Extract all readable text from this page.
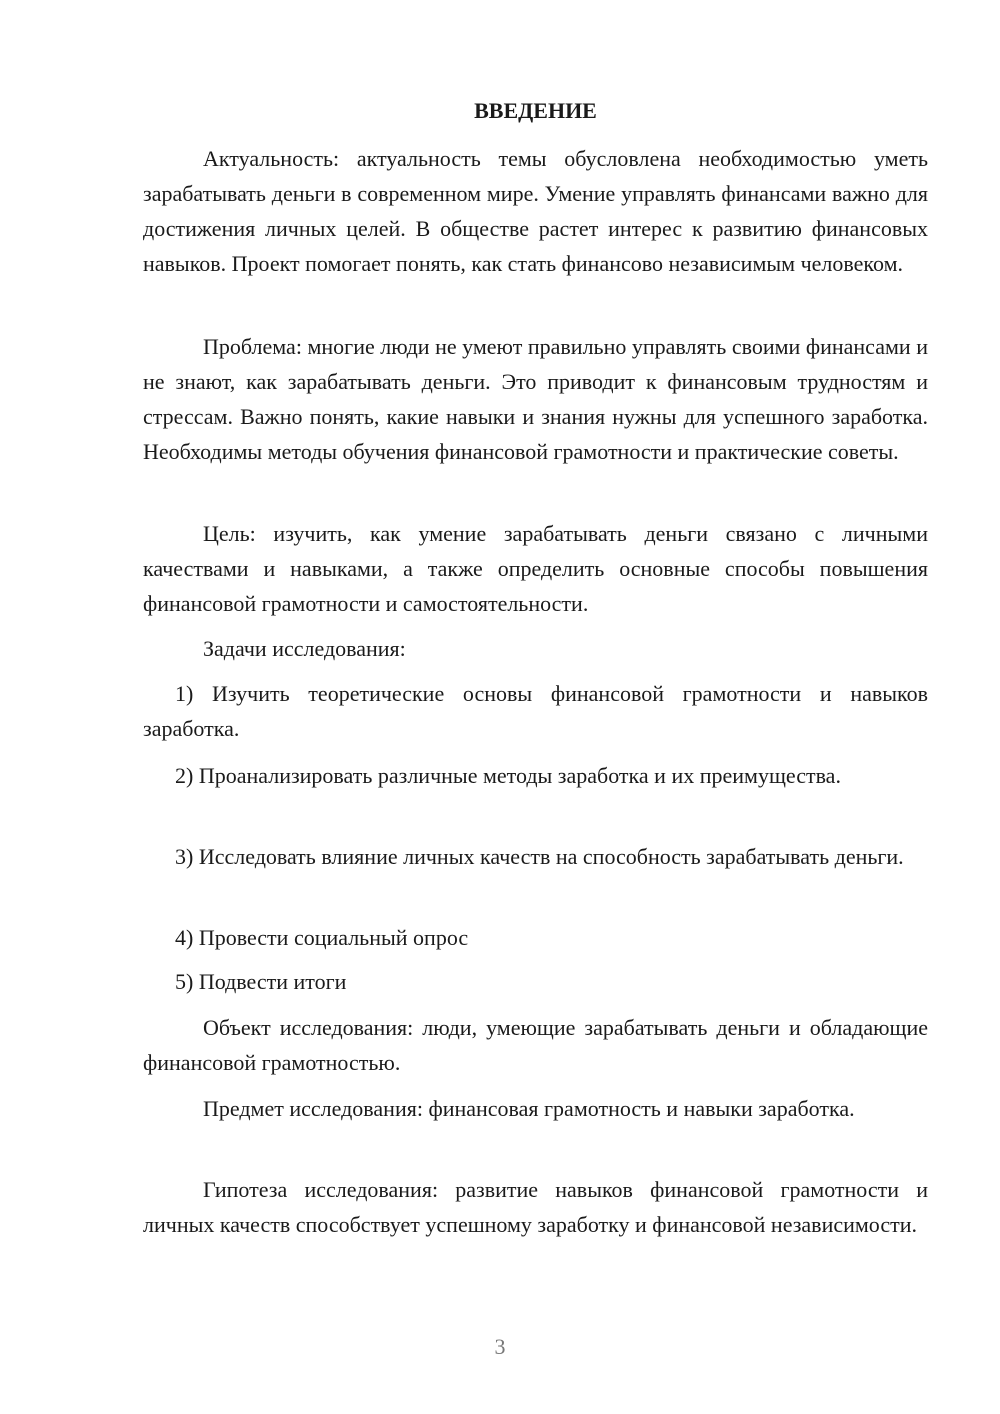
ВВЕДЕНИЕ

Актуальность: актуальность темы обусловлена необходимостью уметь зарабатывать деньги в современном мире. Умение управлять финансами важно для достижения личных целей. В обществе растет интерес к развитию финансовых навыков. Проект помогает понять, как стать финансово независимым человеком.

Проблема: многие люди не умеют правильно управлять своими финансами и не знают, как зарабатывать деньги. Это приводит к финансовым трудностям и стрессам. Важно понять, какие навыки и знания нужны для успешного заработка. Необходимы методы обучения финансовой грамотности и практические советы.

Цель: изучить, как умение зарабатывать деньги связано с личными качествами и навыками, а также определить основные способы повышения финансовой грамотности и самостоятельности.

Задачи исследования:

1) Изучить теоретические основы финансовой грамотности и навыков заработка.

2) Проанализировать различные методы заработка и их преимущества.

3) Исследовать влияние личных качеств на способность зарабатывать деньги.

4) Провести социальный опрос

5) Подвести итоги

Объект исследования: люди, умеющие зарабатывать деньги и обладающие финансовой грамотностью.

Предмет исследования: финансовая грамотность и навыки заработка.

Гипотеза исследования: развитие навыков финансовой грамотности и личных качеств способствует успешному заработку и финансовой независимости.

3
